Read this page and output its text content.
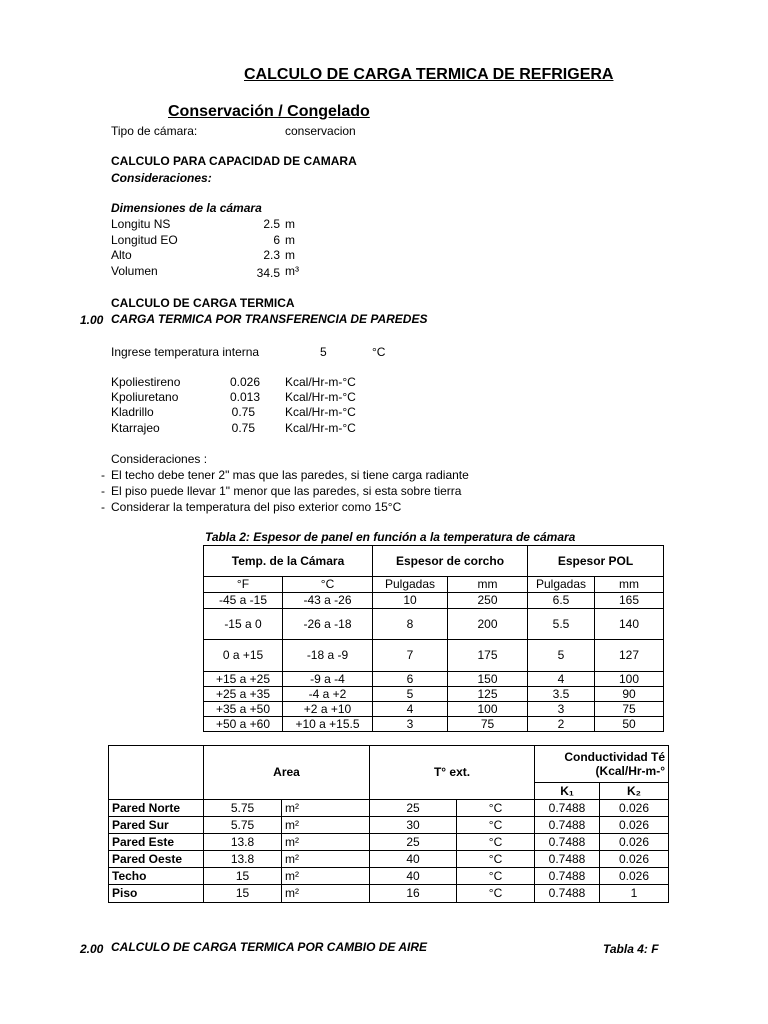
CALCULO DE CARGA TERMICA DE REFRIGERA
Conservación / Congelado
Tipo de cámara:	conservacion
CALCULO PARA CAPACIDAD DE CAMARA
Consideraciones:
Dimensiones de la cámara
Longitu NS	2.5 m
Longitud EO	6 m
Alto	2.3 m
Volumen	34.5 m³
CALCULO DE CARGA TERMICA
1.00 CARGA TERMICA POR TRANSFERENCIA DE PAREDES
Ingrese temperatura interna	5	°C
Kpoliestireno	0.026 Kcal/Hr-m-°C
Kpoliuretano	0.013 Kcal/Hr-m-°C
Kladrillo	0.75	Kcal/Hr-m-°C
Ktarrajeo	0.75	Kcal/Hr-m-°C
Consideraciones :
- El techo debe tener 2" mas que las paredes, si tiene carga radiante
- El piso puede llevar 1" menor que las paredes, si esta sobre tierra
- Considerar la temperatura del piso exterior como 15°C
Tabla 2: Espesor de panel en función a la temperatura de cámara
Temp. de la Cámara		Espesor de corcho		Espesor POL	
°F	°C	Pulgadas	mm	Pulgadas	mm
-45 a -15	-43 a -26	10	250	6.5	165
-15 a 0	-26 a -18	8	200	5.5	140
0 a +15	-18 a -9	7	175	5	127
+15 a +25	-9 a -4	6	150	4	100
+25 a +35	-4 a +2	5	125	3.5	90
+35 a +50	+2 a +10	4	100	3	75
+50 a +60	+10 a +15.5	3	75	2	50
	Area		T° ext.		Conductividad Té
(Kcal/Hr-m-°	

					K₁	K₂
Pared Norte	5.75	m²	25	°C	0.7488	0.026
Pared Sur	5.75	m²	30	°C	0.7488	0.026
Pared Este	13.8	m²	25	°C	0.7488	0.026
Pared Oeste	13.8	m²	40	°C	0.7488	0.026
Techo	15	m²	40	°C	0.7488	0.026
Piso	15	m²	16	°C	0.7488	1
2.00 CALCULO DE CARGA TERMICA POR CAMBIO DE AIRE	Tabla 4: F
